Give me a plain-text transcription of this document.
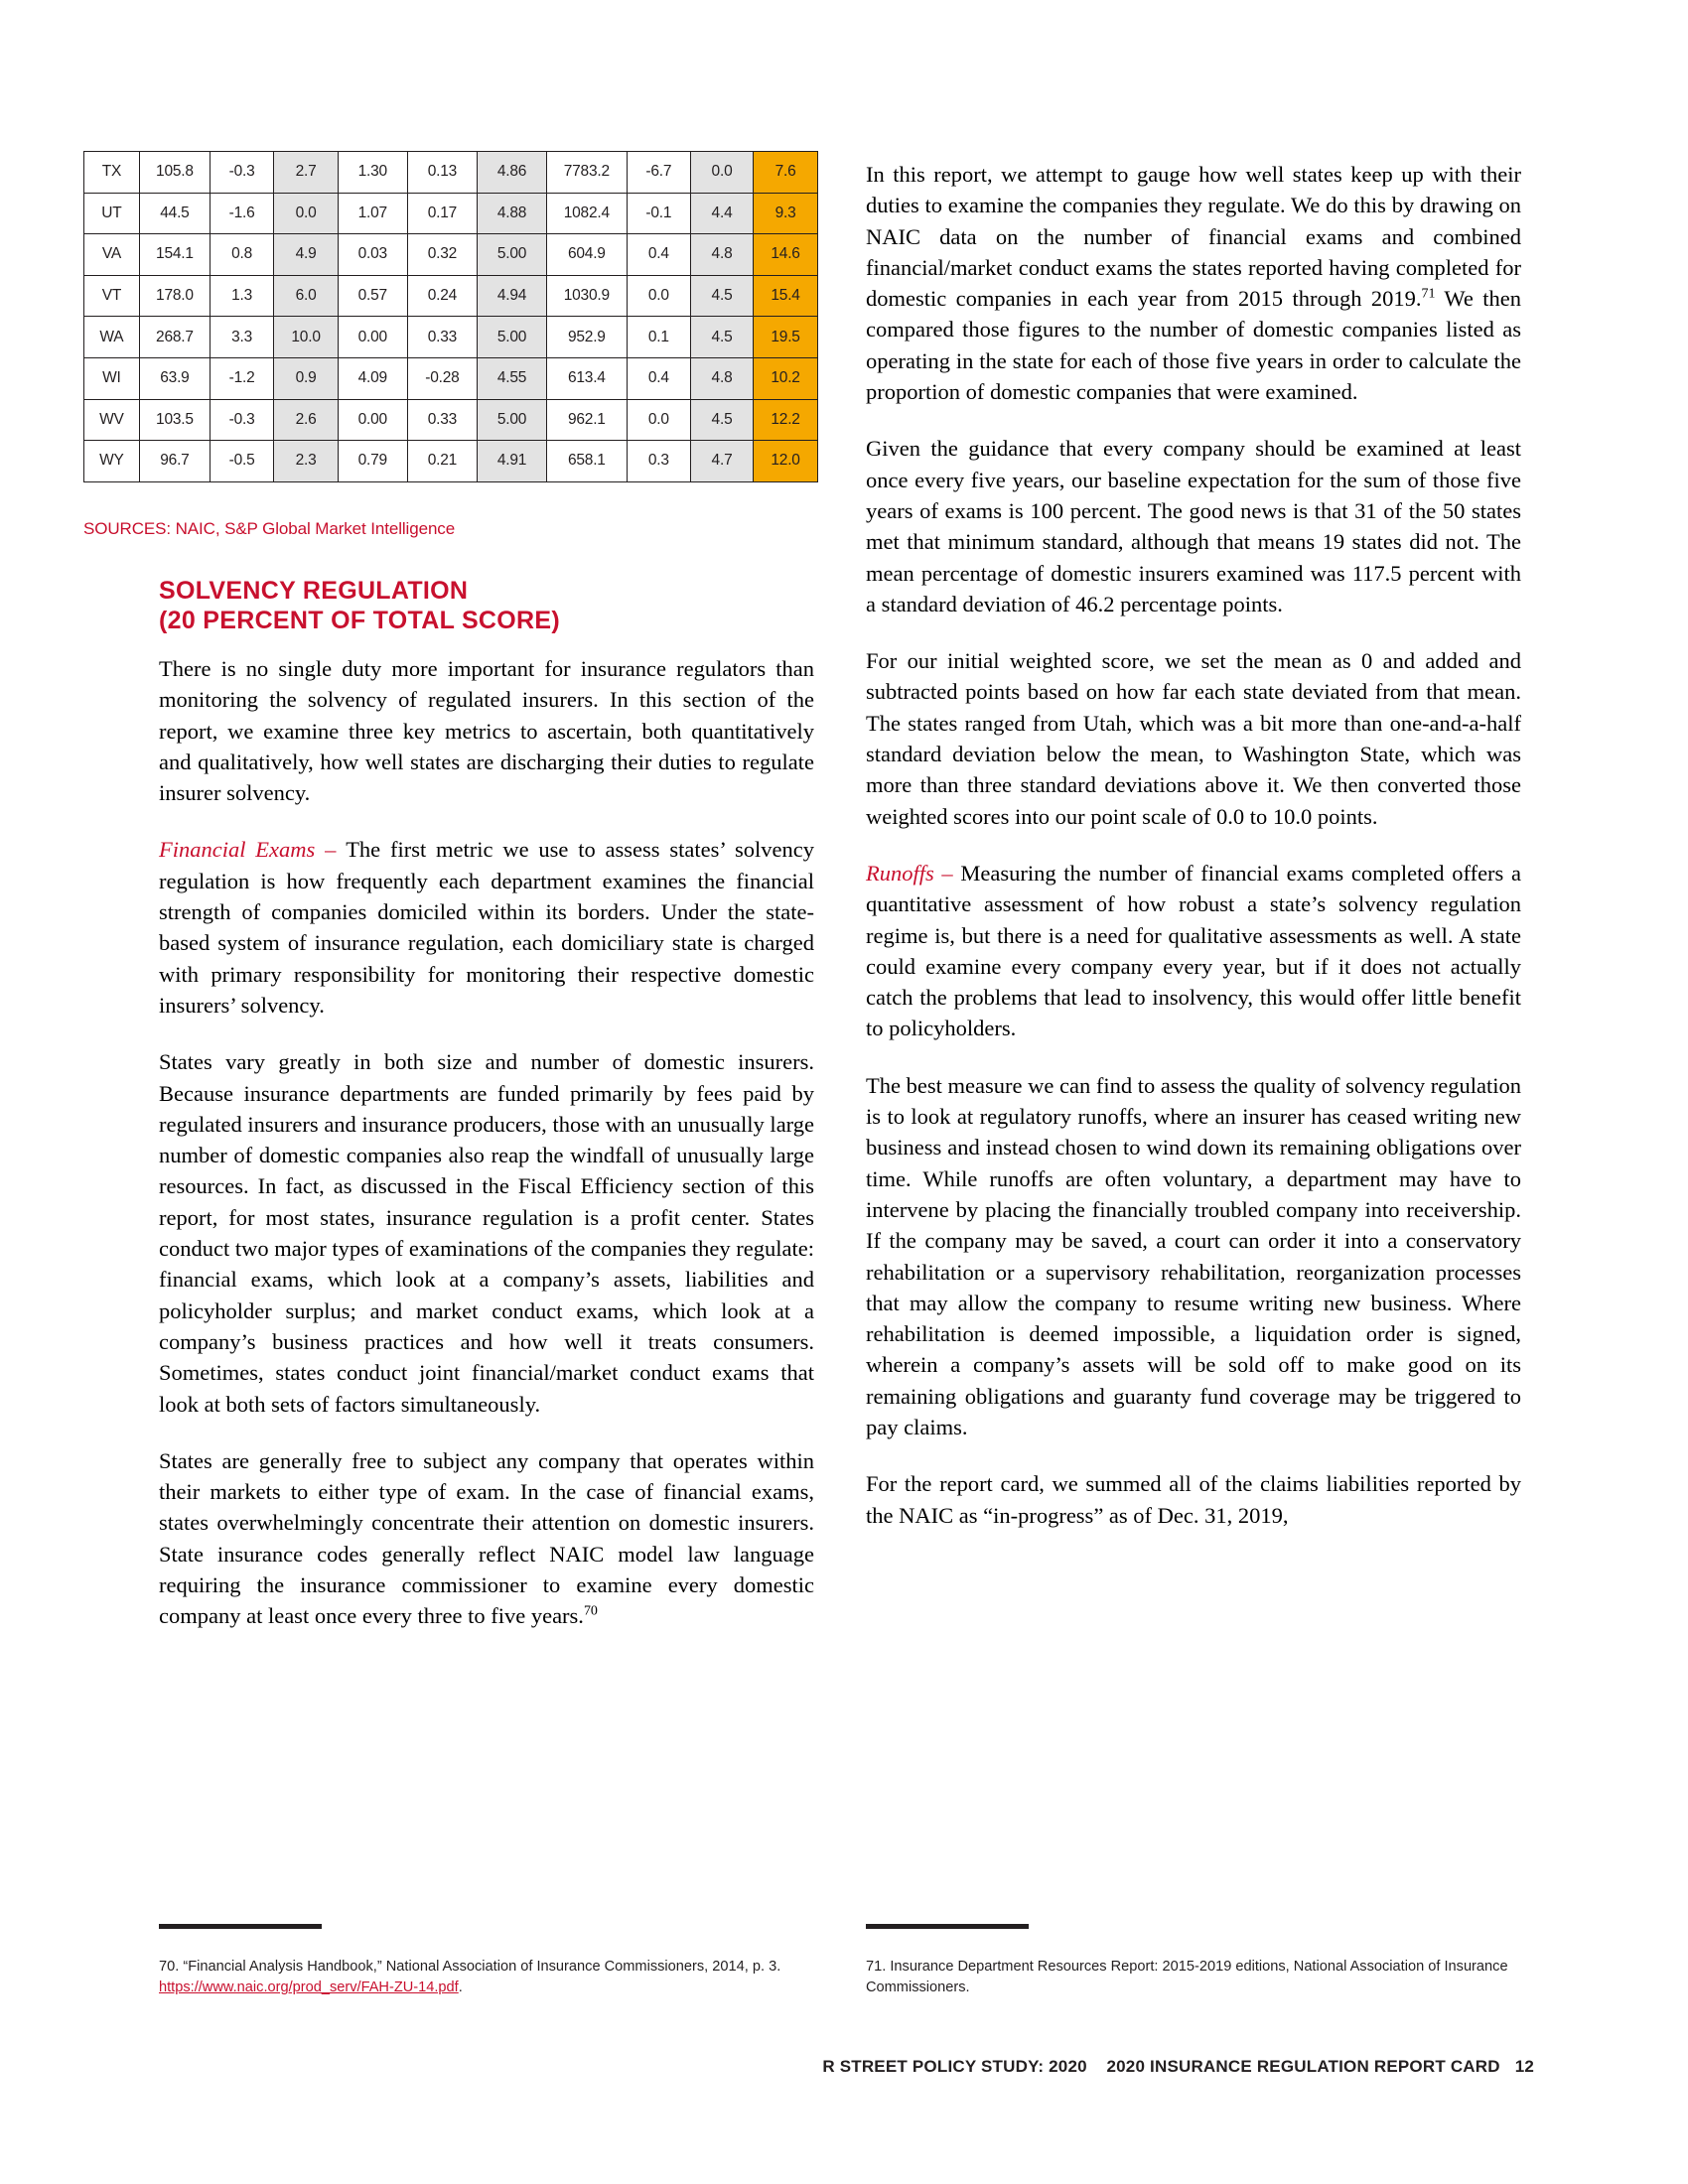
TX	105.8	-0.3	2.7	1.30	0.13	4.86	7783.2	-6.7	0.0	7.6
UT	44.5	-1.6	0.0	1.07	0.17	4.88	1082.4	-0.1	4.4	9.3
VA	154.1	0.8	4.9	0.03	0.32	5.00	604.9	0.4	4.8	14.6
VT	178.0	1.3	6.0	0.57	0.24	4.94	1030.9	0.0	4.5	15.4
WA	268.7	3.3	10.0	0.00	0.33	5.00	952.9	0.1	4.5	19.5
WI	63.9	-1.2	0.9	4.09	-0.28	4.55	613.4	0.4	4.8	10.2
WV	103.5	-0.3	2.6	0.00	0.33	5.00	962.1	0.0	4.5	12.2
WY	96.7	-0.5	2.3	0.79	0.21	4.91	658.1	0.3	4.7	12.0
SOURCES: NAIC, S&P Global Market Intelligence
SOLVENCY REGULATION
(20 PERCENT OF TOTAL SCORE)

There is no single duty more important for insurance regulators than monitoring the solvency of regulated insurers. In this section of the report, we examine three key metrics to ascertain, both quantitatively and qualitatively, how well states are discharging their duties to regulate insurer solvency.

Financial Exams – The first metric we use to assess states’ solvency regulation is how frequently each department examines the financial strength of companies domiciled within its borders. Under the state-based system of insurance regulation, each domiciliary state is charged with primary responsibility for monitoring their respective domestic insurers’ solvency.

States vary greatly in both size and number of domestic insurers. Because insurance departments are funded primarily by fees paid by regulated insurers and insurance producers, those with an unusually large number of domestic companies also reap the windfall of unusually large resources. In fact, as discussed in the Fiscal Efficiency section of this report, for most states, insurance regulation is a profit center. States conduct two major types of examinations of the companies they regulate: financial exams, which look at a company’s assets, liabilities and policyholder surplus; and market conduct exams, which look at a company’s business practices and how well it treats consumers. Sometimes, states conduct joint financial/market conduct exams that look at both sets of factors simultaneously.

States are generally free to subject any company that operates within their markets to either type of exam. In the case of financial exams, states overwhelmingly concentrate their attention on domestic insurers. State insurance codes generally reflect NAIC model law language requiring the insurance commissioner to examine every domestic company at least once every three to five years.$^{70}$

In this report, we attempt to gauge how well states keep up with their duties to examine the companies they regulate. We do this by drawing on NAIC data on the number of financial exams and combined financial/market conduct exams the states reported having completed for domestic companies in each year from 2015 through 2019.71 We then compared those figures to the number of domestic companies listed as operating in the state for each of those five years in order to calculate the proportion of domestic companies that were examined.

Given the guidance that every company should be examined at least once every five years, our baseline expectation for the sum of those five years of exams is 100 percent. The good news is that 31 of the 50 states met that minimum standard, although that means 19 states did not. The mean percentage of domestic insurers examined was 117.5 percent with a standard deviation of 46.2 percentage points.

For our initial weighted score, we set the mean as 0 and added and subtracted points based on how far each state deviated from that mean. The states ranged from Utah, which was a bit more than one-and-a-half standard deviation below the mean, to Washington State, which was more than three standard deviations above it. We then converted those weighted scores into our point scale of 0.0 to 10.0 points.

Runoffs – Measuring the number of financial exams completed offers a quantitative assessment of how robust a state’s solvency regulation regime is, but there is a need for qualitative assessments as well. A state could examine every company every year, but if it does not actually catch the problems that lead to insolvency, this would offer little benefit to policyholders.

The best measure we can find to assess the quality of solvency regulation is to look at regulatory runoffs, where an insurer has ceased writing new business and instead chosen to wind down its remaining obligations over time. While runoffs are often voluntary, a department may have to intervene by placing the financially troubled company into receivership. If the company may be saved, a court can order it into a conservatory rehabilitation or a supervisory rehabilitation, reorganization processes that may allow the company to resume writing new business. Where rehabilitation is deemed impossible, a liquidation order is signed, wherein a company’s assets will be sold off to make good on its remaining obligations and guaranty fund coverage may be triggered to pay claims.

For the report card, we summed all of the claims liabilities reported by the NAIC as “in-progress” as of Dec. 31, 2019,

70. “Financial Analysis Handbook,” National Association of Insurance Commissioners, 2014, p. 3. https://www.naic.org/prod_serv/FAH-ZU-14.pdf.
71. Insurance Department Resources Report: 2015-2019 editions, National Association of Insurance Commissioners.
R STREET POLICY STUDY: 2020 2020 INSURANCE REGULATION REPORT CARD 12
